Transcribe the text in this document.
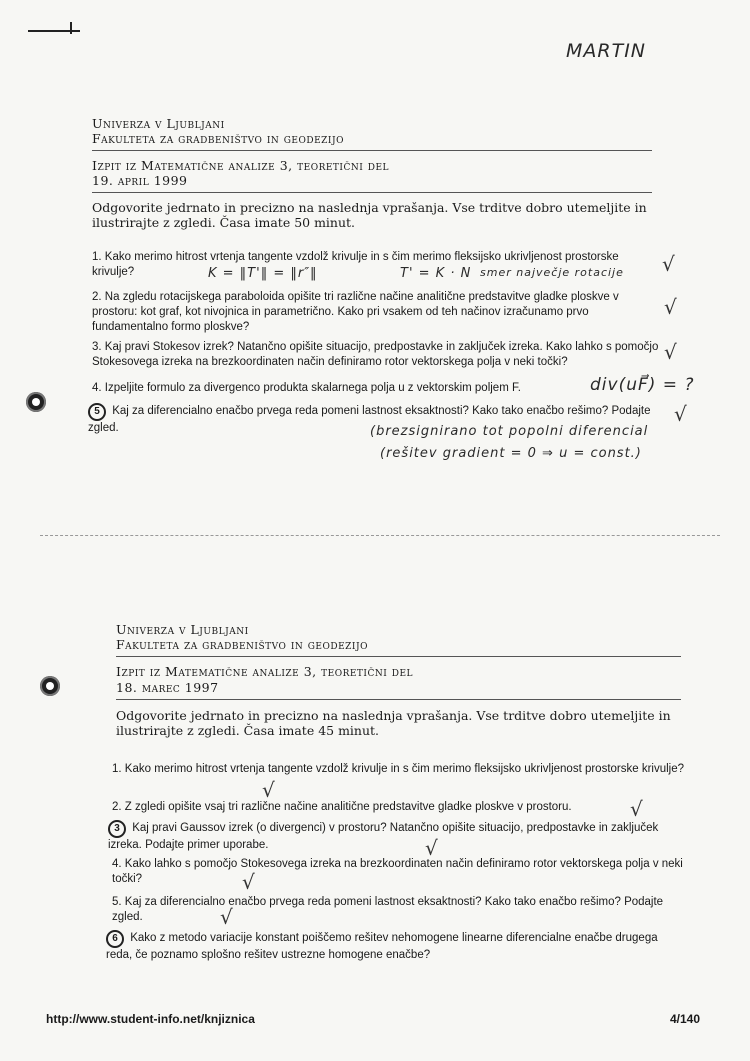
MARTIN
Univerza v Ljubljani
Fakulteta za gradbeništvo in geodezijo
Izpit iz Matematične analize 3, teoretični del
19. april 1999
Odgovorite jedrnato in precizno na naslednja vprašanja. Vse trditve dobro utemeljite in ilustrirajte z zgledi. Časa imate 50 minut.
1. Kako merimo hitrost vrtenja tangente vzdolž krivulje in s čim merimo fleksijsko ukrivljenost prostorske krivulje?	K = ‖T'‖ = ‖r″‖	T' = K · N smer največje rotacije √
2. Na zgledu rotacijskega paraboloida opišite tri različne načine analitične predstavitve gladke ploskve v prostoru: kot graf, kot nivojnica in parametrično. Kako pri vsakem od teh načinov izračunamo prvo fundamentalno formo ploskve?
√
3. Kaj pravi Stokesov izrek? Natančno opišite situacijo, predpostavke in zaključek izreka. Kako lahko s pomočjo Stokesovega izreka na brezkoordinaten način definiramo rotor vektorskega polja v neki točki?	√
4. Izpeljite formulo za divergenco produkta skalarnega polja u z vektorskim poljem F.	div(uF⃗) = ?
5 Kaj za diferencialno enačbo prvega reda pomeni lastnost eksaktnosti? Kako tako enačbo rešimo? Podajte zgled.
√
(brezsignirano tot popolni diferencial
(rešitev gradient = 0 ⇒ u = const.)
Univerza v Ljubljani
Fakulteta za gradbeništvo in geodezijo
Izpit iz Matematične analize 3, teoretični del
18. marec 1997
Odgovorite jedrnato in precizno na naslednja vprašanja. Vse trditve dobro utemeljite in ilustrirajte z zgledi. Časa imate 45 minut.
1. Kako merimo hitrost vrtenja tangente vzdolž krivulje in s čim merimo fleksijsko ukrivljenost prostorske krivulje?
√
2. Z zgledi opišite vsaj tri različne načine analitične predstavitve gladke ploskve v prostoru.	√
3 Kaj pravi Gaussov izrek (o divergenci) v prostoru? Natančno opišite situacijo, predpostavke in zaključek izreka. Podajte primer uporabe.	√
4. Kako lahko s pomočjo Stokesovega izreka na brezkoordinaten način definiramo rotor vektorskega polja v neki točki?	√
5. Kaj za diferencialno enačbo prvega reda pomeni lastnost eksaktnosti? Kako tako enačbo rešimo? Podajte zgled.	√
6 Kako z metodo variacije konstant poiščemo rešitev nehomogene linearne diferencialne enačbe drugega reda, če poznamo splošno rešitev ustrezne homogene enačbe?
http://www.student-info.net/knjiznica	4/140
